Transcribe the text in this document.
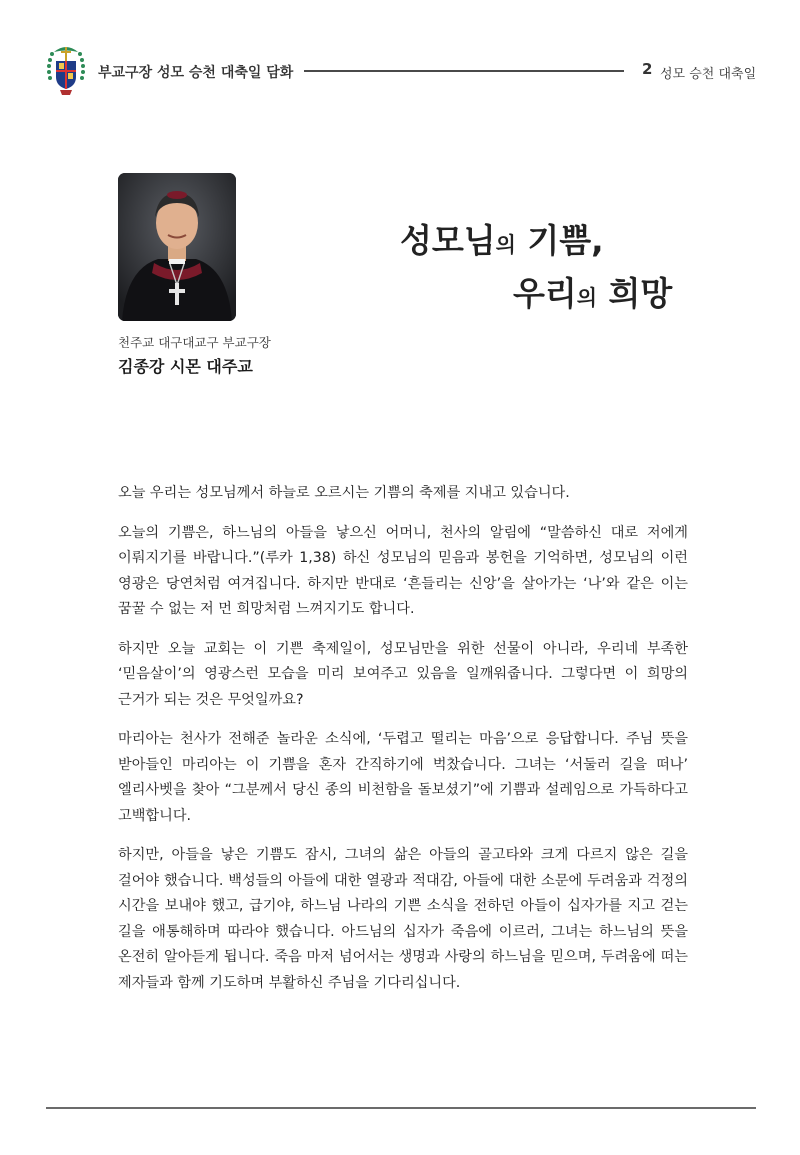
부교구장 성모 승천 대축일 담화	2 성모 승천 대축일
천주교 대구대교구 부교구장
김종강 시몬 대주교
성모님의 기쁨,
우리의 희망

오늘 우리는 성모님께서 하늘로 오르시는 기쁨의 축제를 지내고 있습니다.

오늘의 기쁨은, 하느님의 아들을 낳으신 어머니, 천사의 알림에 “말씀하신 대로 저에게 이뤄지기를 바랍니다.”(루카 1,38) 하신 성모님의 믿음과 봉헌을 기억하면, 성모님의 이런 영광은 당연처럼 여겨집니다. 하지만 반대로 ‘흔들리는 신앙’을 살아가는 ‘나’와 같은 이는 꿈꿀 수 없는 저 먼 희망처럼 느껴지기도 합니다.

하지만 오늘 교회는 이 기쁜 축제일이, 성모님만을 위한 선물이 아니라, 우리네 부족한 ‘믿음살이’의 영광스런 모습을 미리 보여주고 있음을 일깨워줍니다. 그렇다면 이 희망의 근거가 되는 것은 무엇일까요?

마리아는 천사가 전해준 놀라운 소식에, ‘두렵고 떨리는 마음’으로 응답합니다. 주님 뜻을 받아들인 마리아는 이 기쁨을 혼자 간직하기에 벅찼습니다. 그녀는 ‘서둘러 길을 떠나’ 엘리사벳을 찾아 “그분께서 당신 종의 비천함을 돌보셨기”에 기쁨과 설레임으로 가득하다고 고백합니다.

하지만, 아들을 낳은 기쁨도 잠시, 그녀의 삶은 아들의 골고타와 크게 다르지 않은 길을 걸어야 했습니다. 백성들의 아들에 대한 열광과 적대감, 아들에 대한 소문에 두려움과 걱정의 시간을 보내야 했고, 급기야, 하느님 나라의 기쁜 소식을 전하던 아들이 십자가를 지고 걷는 길을 애통해하며 따라야 했습니다. 아드님의 십자가 죽음에 이르러, 그녀는 하느님의 뜻을 온전히 알아듣게 됩니다. 죽음 마저 넘어서는 생명과 사랑의 하느님을 믿으며, 두려움에 떠는 제자들과 함께 기도하며 부활하신 주님을 기다리십니다.
